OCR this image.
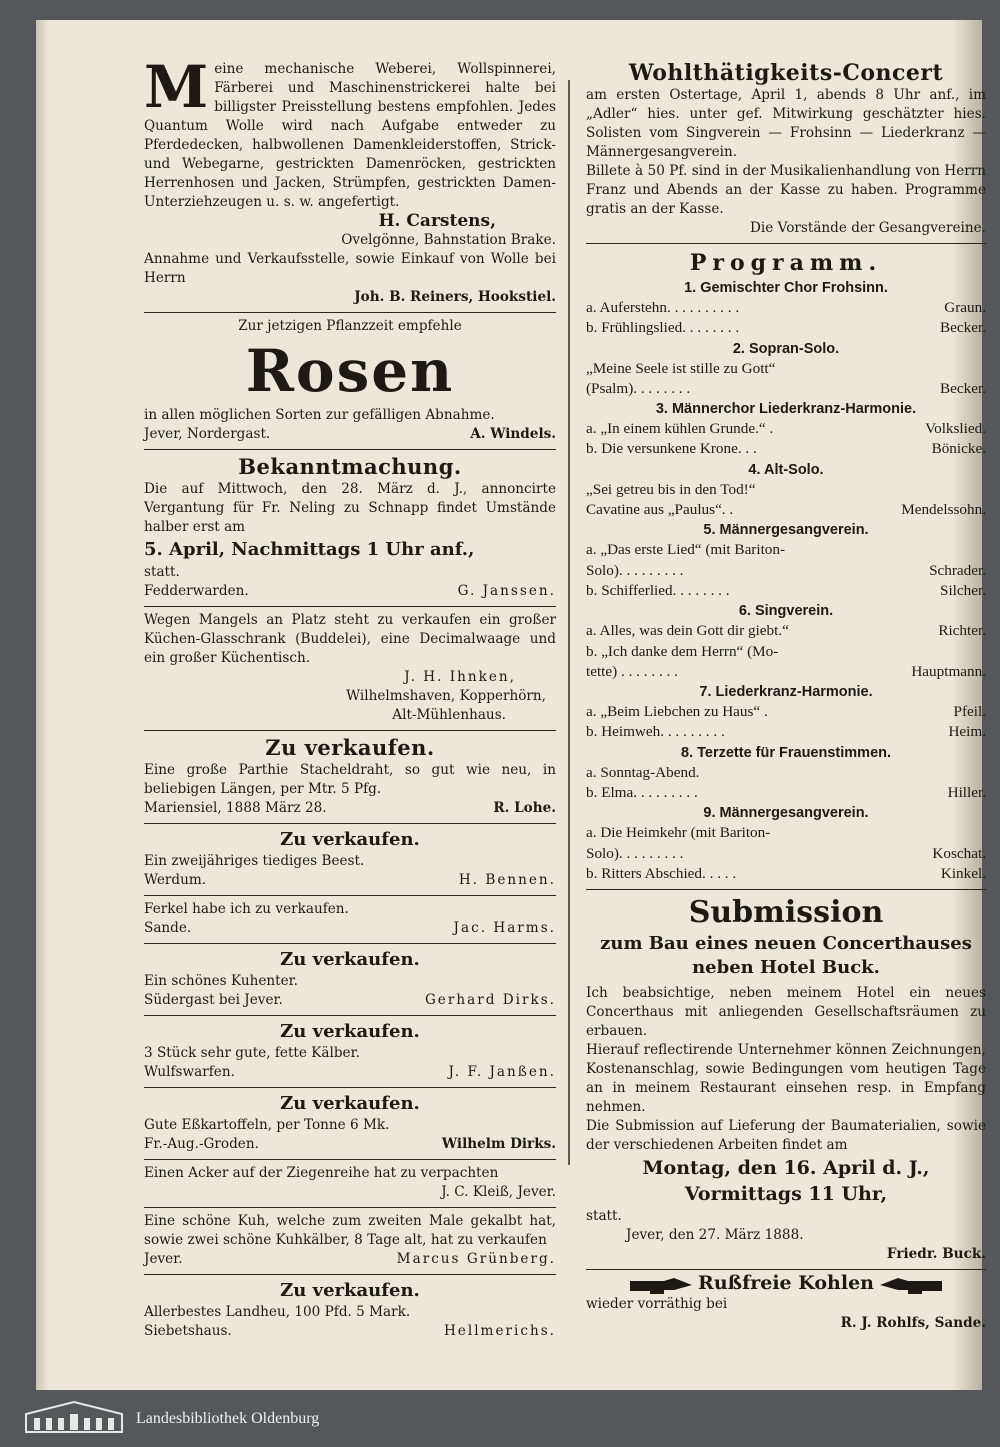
Meine mechanische Weberei, Wollspinnerei, Färberei und Maschinenstrickerei halte bei billigster Preisstellung bestens empfohlen. Jedes Quantum Wolle wird nach Aufgabe entweder zu Pferdedecken, halbwollenen Damenkleiderstoffen, Strick- und Webegarne, gestrickten Damenröcken, gestrickten Herrenhosen und Jacken, Strümpfen, gestrickten Damen-Unterziehzeugen u. s. w. angefertigt.
H. Carstens,
Ovelgönne, Bahnstation Brake.
Annahme und Verkaufsstelle, sowie Einkauf von Wolle bei Herrn
Joh. B. Reiners, Hookstiel.
Zur jetzigen Pflanzzeit empfehle
Rosen
in allen möglichen Sorten zur gefälligen Abnahme.
Jever, Nordergast.	A. Windels.
Bekanntmachung.
Die auf Mittwoch, den 28. März d. J., annoncirte Vergantung für Fr. Neling zu Schnapp findet Umstände halber erst am
5. April, Nachmittags 1 Uhr anf.,
statt.
Fedderwarden.	G. Janssen.
Wegen Mangels an Platz steht zu verkaufen ein großer Küchen-Glasschrank (Buddelei), eine Decimalwaage und ein großer Küchentisch.
J. H. Ihnken,
Wilhelmshaven, Kopperhörn,
Alt-Mühlenhaus.
Zu verkaufen.
Eine große Parthie Stacheldraht, so gut wie neu, in beliebigen Längen, per Mtr. 5 Pfg.
Mariensiel, 1888 März 28.	R. Lohe.
Zu verkaufen.
Ein zweijähriges tiediges Beest.
Werdum.	H. Bennen.
Ferkel habe ich zu verkaufen.
Sande.	Jac. Harms.
Zu verkaufen.
Ein schönes Kuhenter.
Südergast bei Jever.	Gerhard Dirks.
Zu verkaufen.
3 Stück sehr gute, fette Kälber.
Wulfswarfen.	J. F. Janßen.
Zu verkaufen.
Gute Eßkartoffeln, per Tonne 6 Mk.
Fr.-Aug.-Groden.	Wilhelm Dirks.
Einen Acker auf der Ziegenreihe hat zu verpachten
J. C. Kleiß, Jever.
Eine schöne Kuh, welche zum zweiten Male gekalbt hat, sowie zwei schöne Kuhkälber, 8 Tage alt, hat zu verkaufen
Jever.	Marcus Grünberg.
Zu verkaufen.
Allerbestes Landheu, 100 Pfd. 5 Mark.
Siebetshaus.	Hellmerichs.
Wohlthätigkeits-Concert
am ersten Ostertage, April 1, abends 8 Uhr anf., im „Adler“ hies. unter gef. Mitwirkung geschätzter hies. Solisten vom Singverein — Frohsinn — Liederkranz — Männergesangverein.
Billete à 50 Pf. sind in der Musikalienhandlung von Herrn Franz und Abends an der Kasse zu haben. Programme gratis an der Kasse.
Die Vorstände der Gesangvereine.
Programm.
1. Gemischter Chor Frohsinn.
a. Auferstehn. . . . . . . . . .	Graun.
b. Frühlingslied. . . . . . . .	Becker.
2. Sopran-Solo.
„Meine Seele ist stille zu Gott“
(Psalm). . . . . . . .	Becker.
3. Männerchor Liederkranz-Harmonie.
a. „In einem kühlen Grunde.“ .	Volkslied.
b. Die versunkene Krone. . .	Bönicke.
4. Alt-Solo.
„Sei getreu bis in den Tod!“
Cavatine aus „Paulus“. .	Mendelssohn.
5. Männergesangverein.
a. „Das erste Lied“ (mit Bariton-
Solo). . . . . . . . .	Schrader.
b. Schifferlied. . . . . . . .	Silcher.
6. Singverein.
a. Alles, was dein Gott dir giebt.“	Richter.
b. „Ich danke dem Herrn“ (Mo-
tette) . . . . . . . .	Hauptmann.
7. Liederkranz-Harmonie.
a. „Beim Liebchen zu Haus“ .	Pfeil.
b. Heimweh. . . . . . . . .	Heim.
8. Terzette für Frauenstimmen.
a. Sonntag-Abend.
b. Elma. . . . . . . . .	Hiller.
9. Männergesangverein.
a. Die Heimkehr (mit Bariton-
Solo). . . . . . . . .	Koschat.
b. Ritters Abschied. . . . .	Kinkel.
Submission
zum Bau eines neuen Concerthauses
neben Hotel Buck.
Ich beabsichtige, neben meinem Hotel ein neues Concerthaus mit anliegenden Gesellschaftsräumen zu erbauen.
Hierauf reflectirende Unternehmer können Zeichnungen, Kostenanschlag, sowie Bedingungen vom heutigen Tage an in meinem Restaurant einsehen resp. in Empfang nehmen.
Die Submission auf Lieferung der Baumaterialien, sowie der verschiedenen Arbeiten findet am
Montag, den 16. April d. J.,
Vormittags 11 Uhr,
statt.
Jever, den 27. März 1888.
Friedr. Buck.
Rußfreie Kohlen
wieder vorräthig bei
R. J. Rohlfs, Sande.
Landesbibliothek Oldenburg
